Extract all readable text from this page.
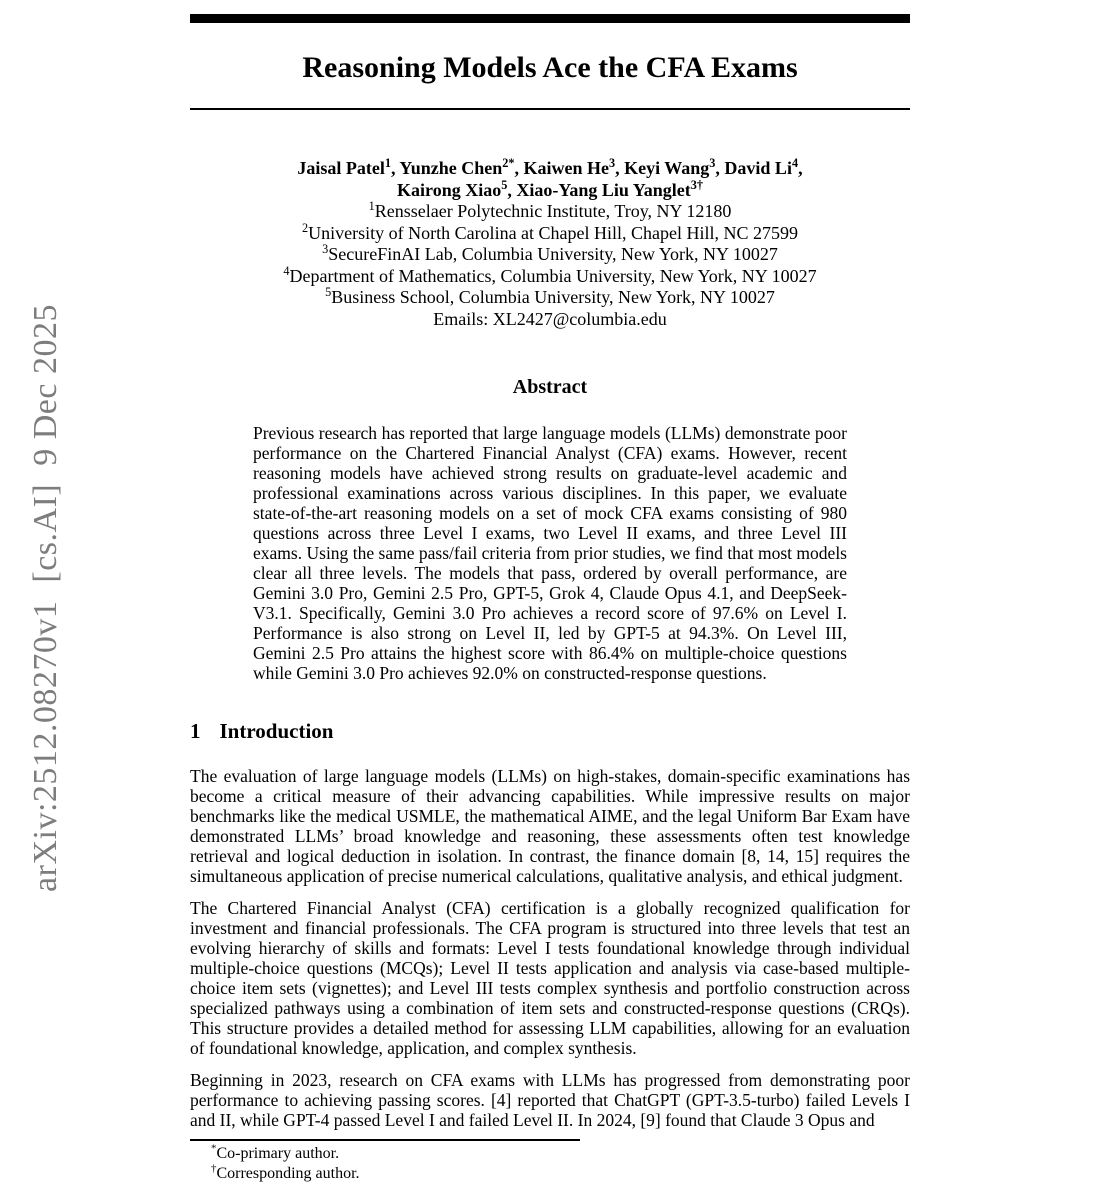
arXiv:2512.08270v1  [cs.AI]  9 Dec 2025
Reasoning Models Ace the CFA Exams
Jaisal Patel$^1$, Yunzhe Chen$^{2*}$, Kaiwen He$^3$, Keyi Wang$^3$, David Li$^4$,
Kairong Xiao$^5$, Xiao-Yang Liu Yanglet$^{3\dagger}$
$^1$Rensselaer Polytechnic Institute, Troy, NY 12180
$^2$University of North Carolina at Chapel Hill, Chapel Hill, NC 27599
$^3$SecureFinAI Lab, Columbia University, New York, NY 10027
$^4$Department of Mathematics, Columbia University, New York, NY 10027
$^5$Business School, Columbia University, New York, NY 10027
Emails: XL2427@columbia.edu
Abstract
Previous research has reported that large language models (LLMs) demonstrate poor performance on the Chartered Financial Analyst (CFA) exams. However, recent reasoning models have achieved strong results on graduate-level academic and professional examinations across various disciplines. In this paper, we evaluate state-of-the-art reasoning models on a set of mock CFA exams consisting of 980 questions across three Level I exams, two Level II exams, and three Level III exams. Using the same pass/fail criteria from prior studies, we find that most models clear all three levels. The models that pass, ordered by overall performance, are Gemini 3.0 Pro, Gemini 2.5 Pro, GPT-5, Grok 4, Claude Opus 4.1, and DeepSeek-V3.1. Specifically, Gemini 3.0 Pro achieves a record score of 97.6% on Level I. Performance is also strong on Level II, led by GPT-5 at 94.3%. On Level III, Gemini 2.5 Pro attains the highest score with 86.4% on multiple-choice questions while Gemini 3.0 Pro achieves 92.0% on constructed-response questions.
1 Introduction
The evaluation of large language models (LLMs) on high-stakes, domain-specific examinations has become a critical measure of their advancing capabilities. While impressive results on major benchmarks like the medical USMLE, the mathematical AIME, and the legal Uniform Bar Exam have demonstrated LLMs’ broad knowledge and reasoning, these assessments often test knowledge retrieval and logical deduction in isolation. In contrast, the finance domain [8, 14, 15] requires the simultaneous application of precise numerical calculations, qualitative analysis, and ethical judgment.
The Chartered Financial Analyst (CFA) certification is a globally recognized qualification for investment and financial professionals. The CFA program is structured into three levels that test an evolving hierarchy of skills and formats: Level I tests foundational knowledge through individual multiple-choice questions (MCQs); Level II tests application and analysis via case-based multiple-choice item sets (vignettes); and Level III tests complex synthesis and portfolio construction across specialized pathways using a combination of item sets and constructed-response questions (CRQs). This structure provides a detailed method for assessing LLM capabilities, allowing for an evaluation of foundational knowledge, application, and complex synthesis.
Beginning in 2023, research on CFA exams with LLMs has progressed from demonstrating poor performance to achieving passing scores. [4] reported that ChatGPT (GPT-3.5-turbo) failed Levels I and II, while GPT-4 passed Level I and failed Level II. In 2024, [9] found that Claude 3 Opus and
*Co-primary author.
†Corresponding author.
